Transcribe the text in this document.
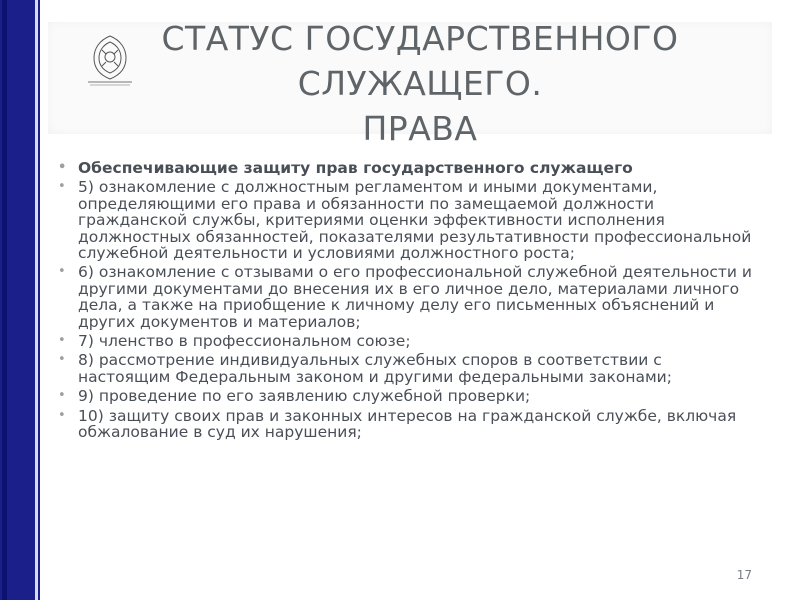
СТАТУС ГОСУДАРСТВЕННОГО
СЛУЖАЩЕГО.
ПРАВА
• Обеспечивающие защиту прав государственного служащего
• 5) ознакомление с должностным регламентом и иными документами, определяющими его права и обязанности по замещаемой должности гражданской службы, критериями оценки эффективности исполнения должностных обязанностей, показателями результативности профессиональной служебной деятельности и условиями должностного роста;
• 6) ознакомление с отзывами о его профессиональной служебной деятельности и другими документами до внесения их в его личное дело, материалами личного дела, а также на приобщение к личному делу его письменных объяснений и других документов и материалов;
• 7) членство в профессиональном союзе;
• 8) рассмотрение индивидуальных служебных споров в соответствии с настоящим Федеральным законом и другими федеральными законами;
• 9) проведение по его заявлению служебной проверки;
• 10) защиту своих прав и законных интересов на гражданской службе, включая обжалование в суд их нарушения;
17
